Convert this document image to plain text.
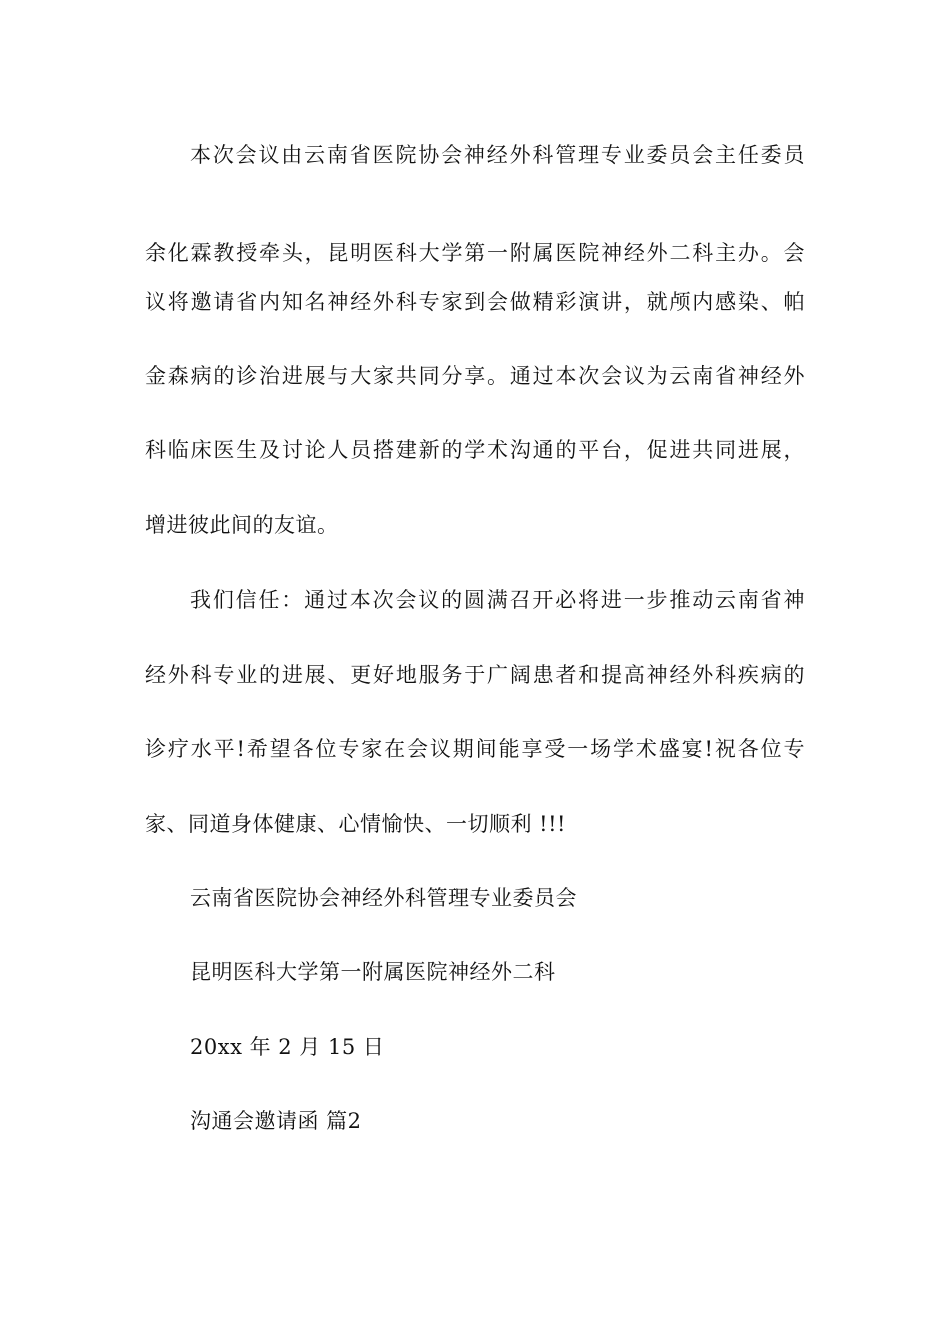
本次会议由云南省医院协会神经外科管理专业委员会主任委员
余化霖教授牵头，昆明医科大学第一附属医院神经外二科主办。会
议将邀请省内知名神经外科专家到会做精彩演讲，就颅内感染、帕
金森病的诊治进展与大家共同分享。通过本次会议为云南省神经外
科临床医生及讨论人员搭建新的学术沟通的平台，促进共同进展，
增进彼此间的友谊。
我们信任：通过本次会议的圆满召开必将进一步推动云南省神
经外科专业的进展、更好地服务于广阔患者和提高神经外科疾病的
诊疗水平!希望各位专家在会议期间能享受一场学术盛宴!祝各位专
家、同道身体健康、心情愉快、一切顺利 !!!
云南省医院协会神经外科管理专业委员会
昆明医科大学第一附属医院神经外二科
20xx 年 2 月 15 日
沟通会邀请函 篇2
